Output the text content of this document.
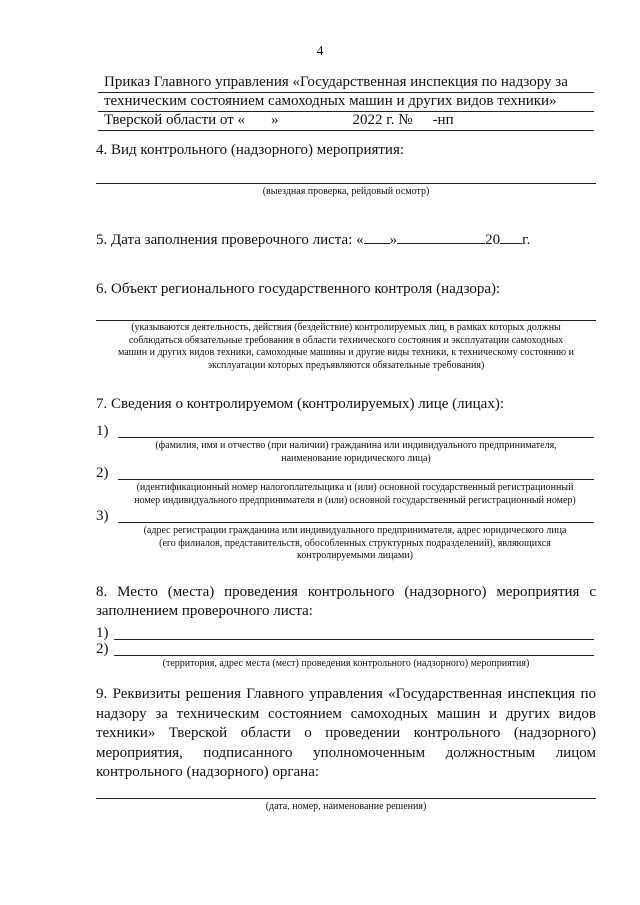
4
Приказ Главного управления «Государственная инспекция по надзору за
техническим состоянием самоходных машин и других видов техники»
Тверской области от « »	2022 г. № -нп
4. Вид контрольного (надзорного) мероприятия:
(выездная проверка, рейдовый осмотр)
5. Дата заполнения проверочного листа: « »	20 г.
6. Объект регионального государственного контроля (надзора):
(указываются деятельность, действия (бездействие) контролируемых лиц, в рамках которых должны
соблюдаться обязательные требования в области технического состояния и эксплуатации самоходных
машин и других видов техники, самоходные машины и другие виды техники, к техническому состоянию и
эксплуатации которых предъявляются обязательные требования)
7. Сведения о контролируемом (контролируемых) лице (лицах):
1)
(фамилия, имя и отчество (при наличии) гражданина или индивидуального предпринимателя,
наименование юридического лица)
2)
(идентификационный номер налогоплательщика и (или) основной государственный регистрационный
номер индивидуального предпринимателя и (или) основной государственный регистрационный номер)
3)
(адрес регистрации гражданина или индивидуального предпринимателя, адрес юридического лица
(его филиалов, представительств, обособленных структурных подразделений), являющихся
контролируемыми лицами)
8. Место (места) проведения контрольного (надзорного) мероприятия с
заполнением проверочного листа:
1)
2)
(территория, адрес места (мест) проведения контрольного (надзорного) мероприятия)
9. Реквизиты решения Главного управления «Государственная инспекция по надзору за техническим состоянием самоходных машин и других видов техники» Тверской области о проведении контрольного (надзорного) мероприятия, подписанного уполномоченным должностным лицом контрольного (надзорного) органа:
(дата, номер, наименование решения)
